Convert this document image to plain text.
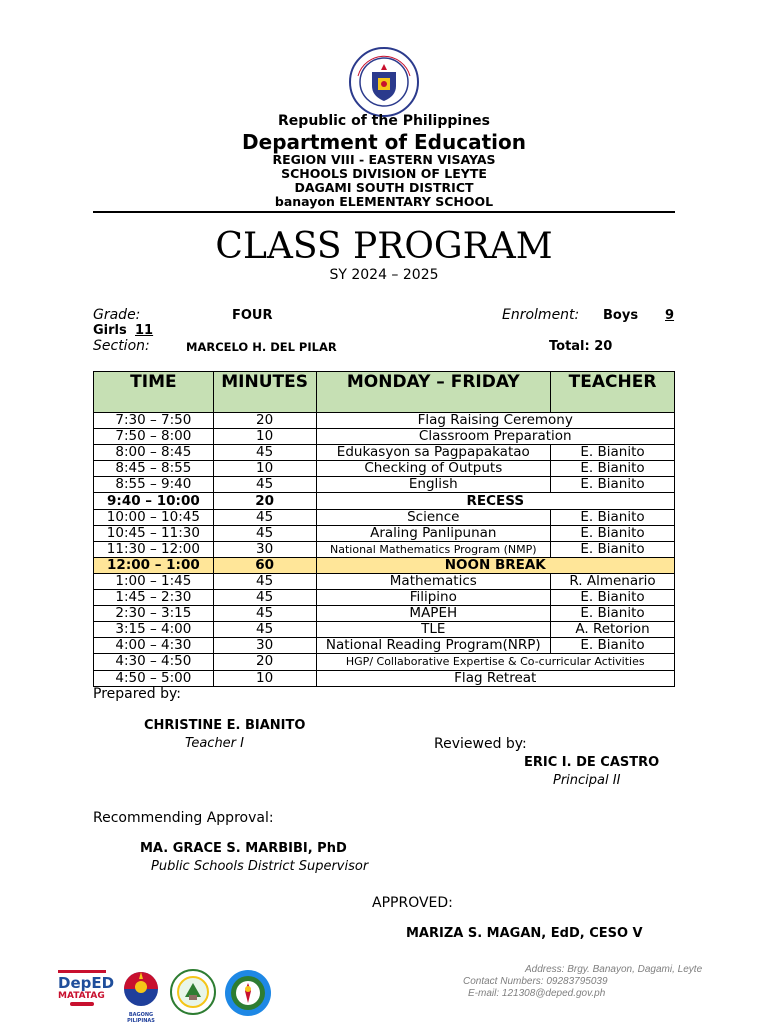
Republic of the Philippines
Department of Education
REGION VIII - EASTERN VISAYAS
SCHOOLS DIVISION OF LEYTE
DAGAMI SOUTH DISTRICT
banayon ELEMENTARY SCHOOL
CLASS PROGRAM
SY 2024 – 2025
Grade:	FOUR	Enrolment: Boys 9
Girls 11
Section:	MARCELO H. DEL PILAR	Total: 20
TIME	MINUTES	MONDAY – FRIDAY	TEACHER
7:30 – 7:50	20	Flag Raising Ceremony	
7:50 – 8:00	10	Classroom Preparation	
8:00 – 8:45	45	Edukasyon sa Pagpapakatao	E. Bianito
8:45 – 8:55	10	Checking of Outputs	E. Bianito
8:55 – 9:40	45	English	E. Bianito
9:40 – 10:00	20	RECESS	
10:00 – 10:45	45	Science	E. Bianito
10:45 – 11:30	45	Araling Panlipunan	E. Bianito
11:30 – 12:00	30	National Mathematics Program (NMP)	E. Bianito
12:00 – 1:00	60	NOON BREAK	
1:00 – 1:45	45	Mathematics	R. Almenario
1:45 – 2:30	45	Filipino	E. Bianito
2:30 – 3:15	45	MAPEH	E. Bianito
3:15 – 4:00	45	TLE	A. Retorion
4:00 – 4:30	30	National Reading Program(NRP)	E. Bianito
4:30 – 4:50	20	HGP/ Collaborative Expertise & Co-curricular Activities	
4:50 – 5:00	10	Flag Retreat	
Prepared by:
CHRISTINE E. BIANITO
Teacher I	Reviewed by:
ERIC I. DE CASTRO
Principal II
Recommending Approval:
MA. GRACE S. MARBIBI, PhD
Public Schools District Supervisor
APPROVED:
MARIZA S. MAGAN, EdD, CESO V
DepED
MATATAG
BAGONG PILIPINAS
Address: Brgy. Banayon, Dagami, Leyte
Contact Numbers: 09283795039
E-mail: 121308@deped.gov.ph
